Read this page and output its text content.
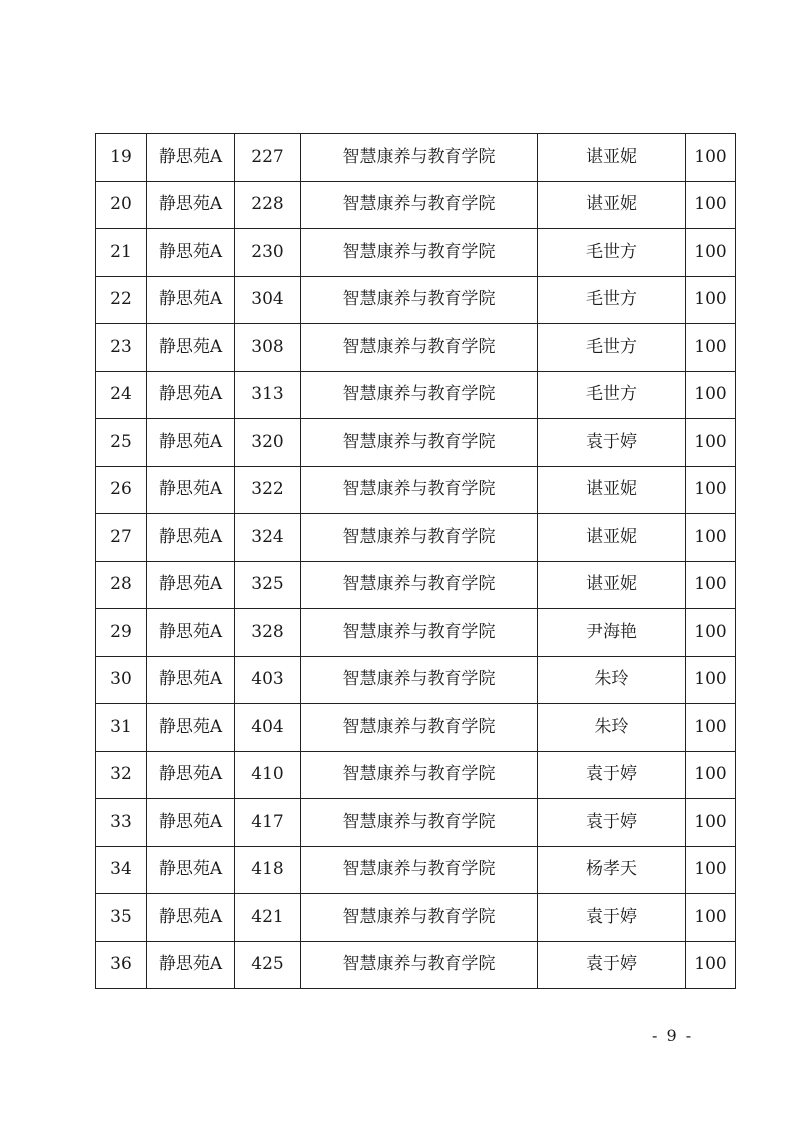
19	静思苑A	227	智慧康养与教育学院	谌亚妮	100
20	静思苑A	228	智慧康养与教育学院	谌亚妮	100
21	静思苑A	230	智慧康养与教育学院	毛世方	100
22	静思苑A	304	智慧康养与教育学院	毛世方	100
23	静思苑A	308	智慧康养与教育学院	毛世方	100
24	静思苑A	313	智慧康养与教育学院	毛世方	100
25	静思苑A	320	智慧康养与教育学院	袁于婷	100
26	静思苑A	322	智慧康养与教育学院	谌亚妮	100
27	静思苑A	324	智慧康养与教育学院	谌亚妮	100
28	静思苑A	325	智慧康养与教育学院	谌亚妮	100
29	静思苑A	328	智慧康养与教育学院	尹海艳	100
30	静思苑A	403	智慧康养与教育学院	朱玲	100
31	静思苑A	404	智慧康养与教育学院	朱玲	100
32	静思苑A	410	智慧康养与教育学院	袁于婷	100
33	静思苑A	417	智慧康养与教育学院	袁于婷	100
34	静思苑A	418	智慧康养与教育学院	杨孝天	100
35	静思苑A	421	智慧康养与教育学院	袁于婷	100
36	静思苑A	425	智慧康养与教育学院	袁于婷	100
- 9 -
